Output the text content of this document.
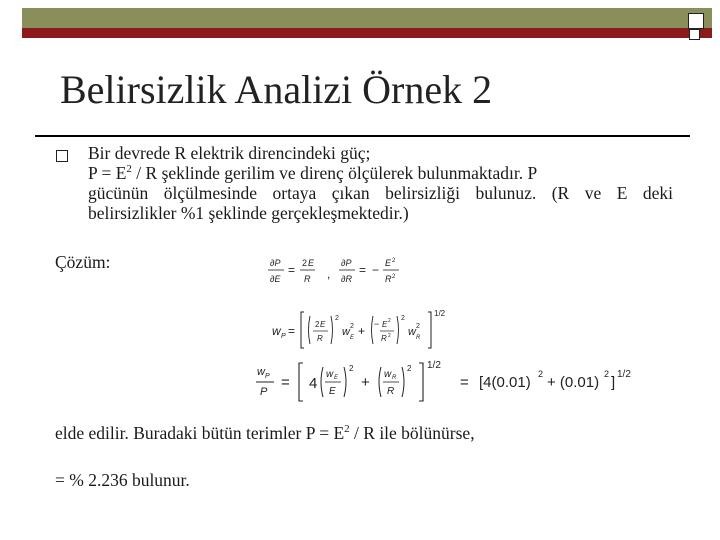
Belirsizlik Analizi Örnek 2
Bir devrede R elektrik direncindeki güç;
$P = E^2 / R$ şeklinde gerilim ve direnç ölçülerek bulunmaktadır. P
gücünün ölçülmesinde ortaya çıkan belirsizliği bulunuz. (R ve E deki
belirsizlikler %1 şeklinde gerçekleşmektedir.)
Çözüm:	∂P
∂E
= 2 E
R ,
∂P
∂R
= − E 2
R 2
w P = 2 E
R
2
w 2
E + − E 2
R 2
2
w 2
R
1/2
w P
P
= 4
w E
E
2
+ w R
R
2 1/2
= [4(0.01) 2 + (0.01) 2 ] 1/2
elde edilir. Buradaki bütün terimler $P = E^2 / R$ ile bölünürse,
= % 2.236 bulunur.
